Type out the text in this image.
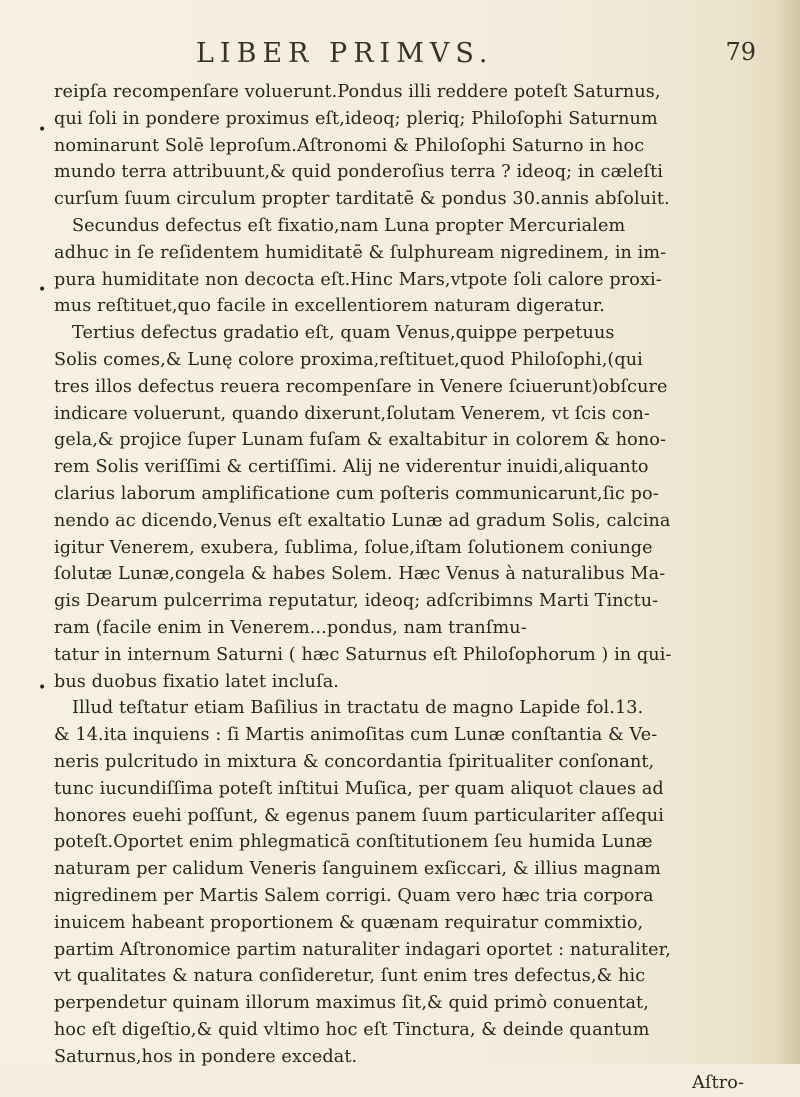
LIBER PRIMVS.	79
reipſa recompenſare voluerunt.Pondus illi reddere poteſt Saturnus,
qui ſoli in pondere proximus eſt,ideoq; pleriq; Philoſophi Saturnum
nominarunt Solē leproſum.Aſtronomi & Philoſophi Saturno in hoc
mundo terra attribuunt,& quid ponderoſius terra ? ideoq; in cæleſti
curſum ſuum circulum propter tarditatē & pondus 30.annis abſoluit.
Secundus defectus eſt fixatio,nam Luna propter Mercurialem
adhuc in ſe reſidentem humiditatē & ſulphuream nigredinem, in im-
pura humiditate non decocta eſt.Hinc Mars,vtpote ſoli calore proxi-
mus reſtituet,quo facile in excellentiorem naturam digeratur.
Tertius defectus gradatio eſt, quam Venus,quippe perpetuus
Solis comes,& Lunę colore proxima,reſtituet,quod Philoſophi,(qui
tres illos defectus reuera recompenſare in Venere ſciuerunt)obſcure
indicare voluerunt, quando dixerunt,ſolutam Venerem, vt ſcis con-
gela,& projice ſuper Lunam fuſam & exaltabitur in colorem & hono-
rem Solis veriſſimi & certiſſimi. Alij ne viderentur inuidi,aliquanto
clarius laborum amplificatione cum poſteris communicarunt,ſic po-
nendo ac dicendo,Venus eſt exaltatio Lunæ ad gradum Solis, calcina
igitur Venerem, exubera, ſublima, ſolue,iſtam ſolutionem coniunge
ſolutæ Lunæ,congela & habes Solem. Hæc Venus à naturalibus Ma-
gis Dearum pulcerrima reputatur, ideoq; adſcribimns Marti Tinctu-
ram (facile enim in Venerem...pondus, nam tranſmu-
tatur in internum Saturni ( hæc Saturnus eſt Philoſophorum ) in qui-
bus duobus fixatio latet incluſa.
Illud teſtatur etiam Baſilius in tractatu de magno Lapide fol.13.
& 14.ita inquiens : ſi Martis animoſitas cum Lunæ conſtantia & Ve-
neris pulcritudo in mixtura & concordantia ſpiritualiter conſonant,
tunc iucundiſſima poteſt inſtitui Muſica, per quam aliquot claues ad
honores euehi poſſunt, & egenus panem ſuum particulariter aſſequi
poteſt.Oportet enim phlegmaticā conſtitutionem ſeu humida Lunæ
naturam per calidum Veneris ſanguinem exſiccari, & illius magnam
nigredinem per Martis Salem corrigi. Quam vero hæc tria corpora
inuicem habeant proportionem & quænam requiratur commixtio,
partim Aſtronomice partim naturaliter indagari oportet : naturaliter,
vt qualitates & natura conſideretur, ſunt enim tres defectus,& hic
perpendetur quinam illorum maximus ſit,& quid primò conuentat,
hoc eſt digeſtio,& quid vltimo hoc eſt Tinctura, & deinde quantum
Saturnus,hos in pondere excedat.
Aſtro-
•
•
•
